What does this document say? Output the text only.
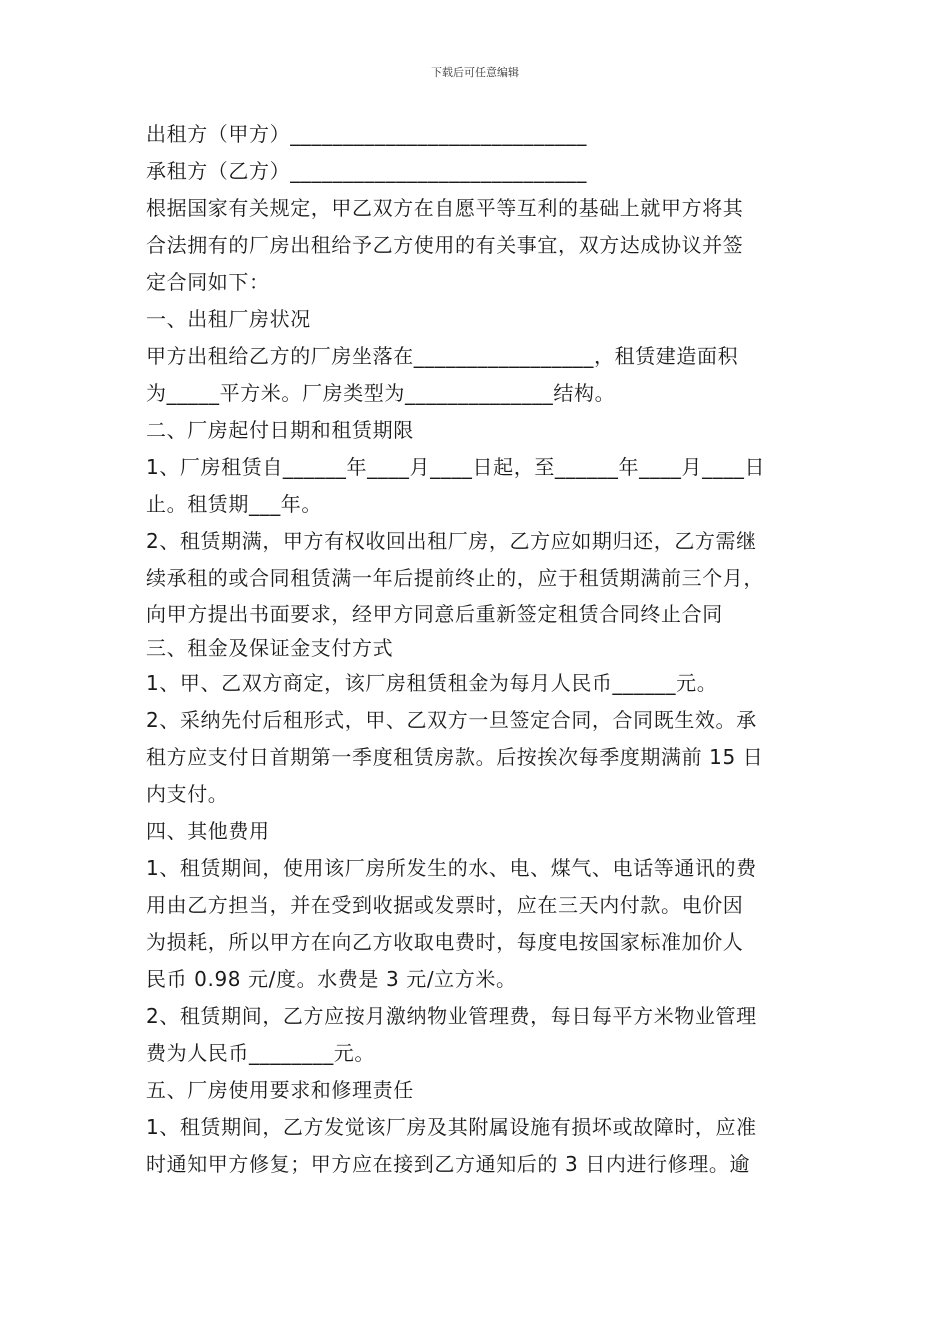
下载后可任意编辑
出租方（甲方）____________________________
承租方（乙方）____________________________
根据国家有关规定，甲乙双方在自愿平等互利的基础上就甲方将其
合法拥有的厂房出租给予乙方使用的有关事宜，双方达成协议并签
定合同如下：
一、出租厂房状况
甲方出租给乙方的厂房坐落在_________________，租赁建造面积
为_____平方米。厂房类型为______________结构。
二、厂房起付日期和租赁期限
1、厂房租赁自______年____月____日起，至______年____月____日
止。租赁期___年。
2、租赁期满，甲方有权收回出租厂房，乙方应如期归还，乙方需继
续承租的或合同租赁满一年后提前终止的，应于租赁期满前三个月，
向甲方提出书面要求，经甲方同意后重新签定租赁合同终止合同
三、租金及保证金支付方式
1、甲、乙双方商定，该厂房租赁租金为每月人民币______元。
2、采纳先付后租形式，甲、乙双方一旦签定合同，合同既生效。承
租方应支付日首期第一季度租赁房款。后按挨次每季度期满前 15 日
内支付。
四、其他费用
1、租赁期间，使用该厂房所发生的水、电、煤气、电话等通讯的费
用由乙方担当，并在受到收据或发票时，应在三天内付款。电价因
为损耗，所以甲方在向乙方收取电费时，每度电按国家标准加价人
民币 0.98 元/度。水费是 3 元/立方米。
2、租赁期间，乙方应按月激纳物业管理费，每日每平方米物业管理
费为人民币________元。
五、厂房使用要求和修理责任
1、租赁期间，乙方发觉该厂房及其附属设施有损坏或故障时，应准
时通知甲方修复；甲方应在接到乙方通知后的 3 日内进行修理。逾
